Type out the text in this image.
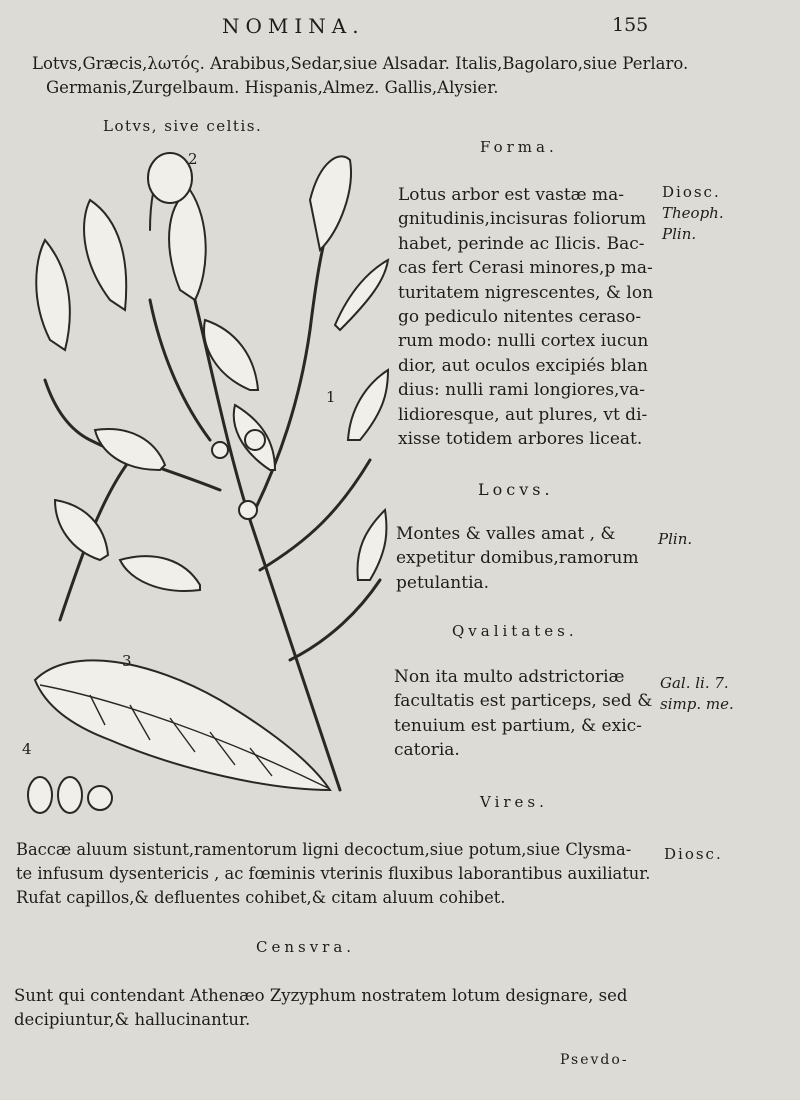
NOMINA.	155

Lotvs,Græcis,λωτός. Arabibus,Sedar,siue Alsadar. Italis,Bagolaro,siue Perlaro.

Germanis,Zurgelbaum. Hispanis,Almez. Gallis,Alysier.

Lotvs, sive celtis.
1
2
3
4
Forma.
Lotus arbor est vastæ ma-
gnitudinis,incisuras foliorum
habet, perinde ac Ilicis. Bac-
cas fert Cerasi minores,p ma-
turitatem nigrescentes, & lon
go pediculo nitentes ceraso-
rum modo: nulli cortex iucun
dior, aut oculos excipiés blan
dius: nulli rami longiores,va-
lidioresque, aut plures, vt di-
xisse totidem arbores liceat.
Diosc.
Theoph.
Plin.
Locvs.
Montes & valles amat , &
expetitur domibus,ramorum
petulantia.
Plin.
Qvalitates.
Non ita multo adstrictoriæ
facultatis est particeps, sed &
tenuium est partium, & exic-
catoria.
Gal. li. 7.
simp. me.
Vires.
Baccæ aluum sistunt,ramentorum ligni decoctum,siue potum,siue Clysma-
te infusum dysentericis , ac fœminis vterinis fluxibus laborantibus auxiliatur.
Rufat capillos,& defluentes cohibet,& citam aluum cohibet.
Diosc.
Censvra.
Sunt qui contendant Athenæo Zyzyphum nostratem lotum designare, sed
decipiuntur,& hallucinantur.
Psevdo-
